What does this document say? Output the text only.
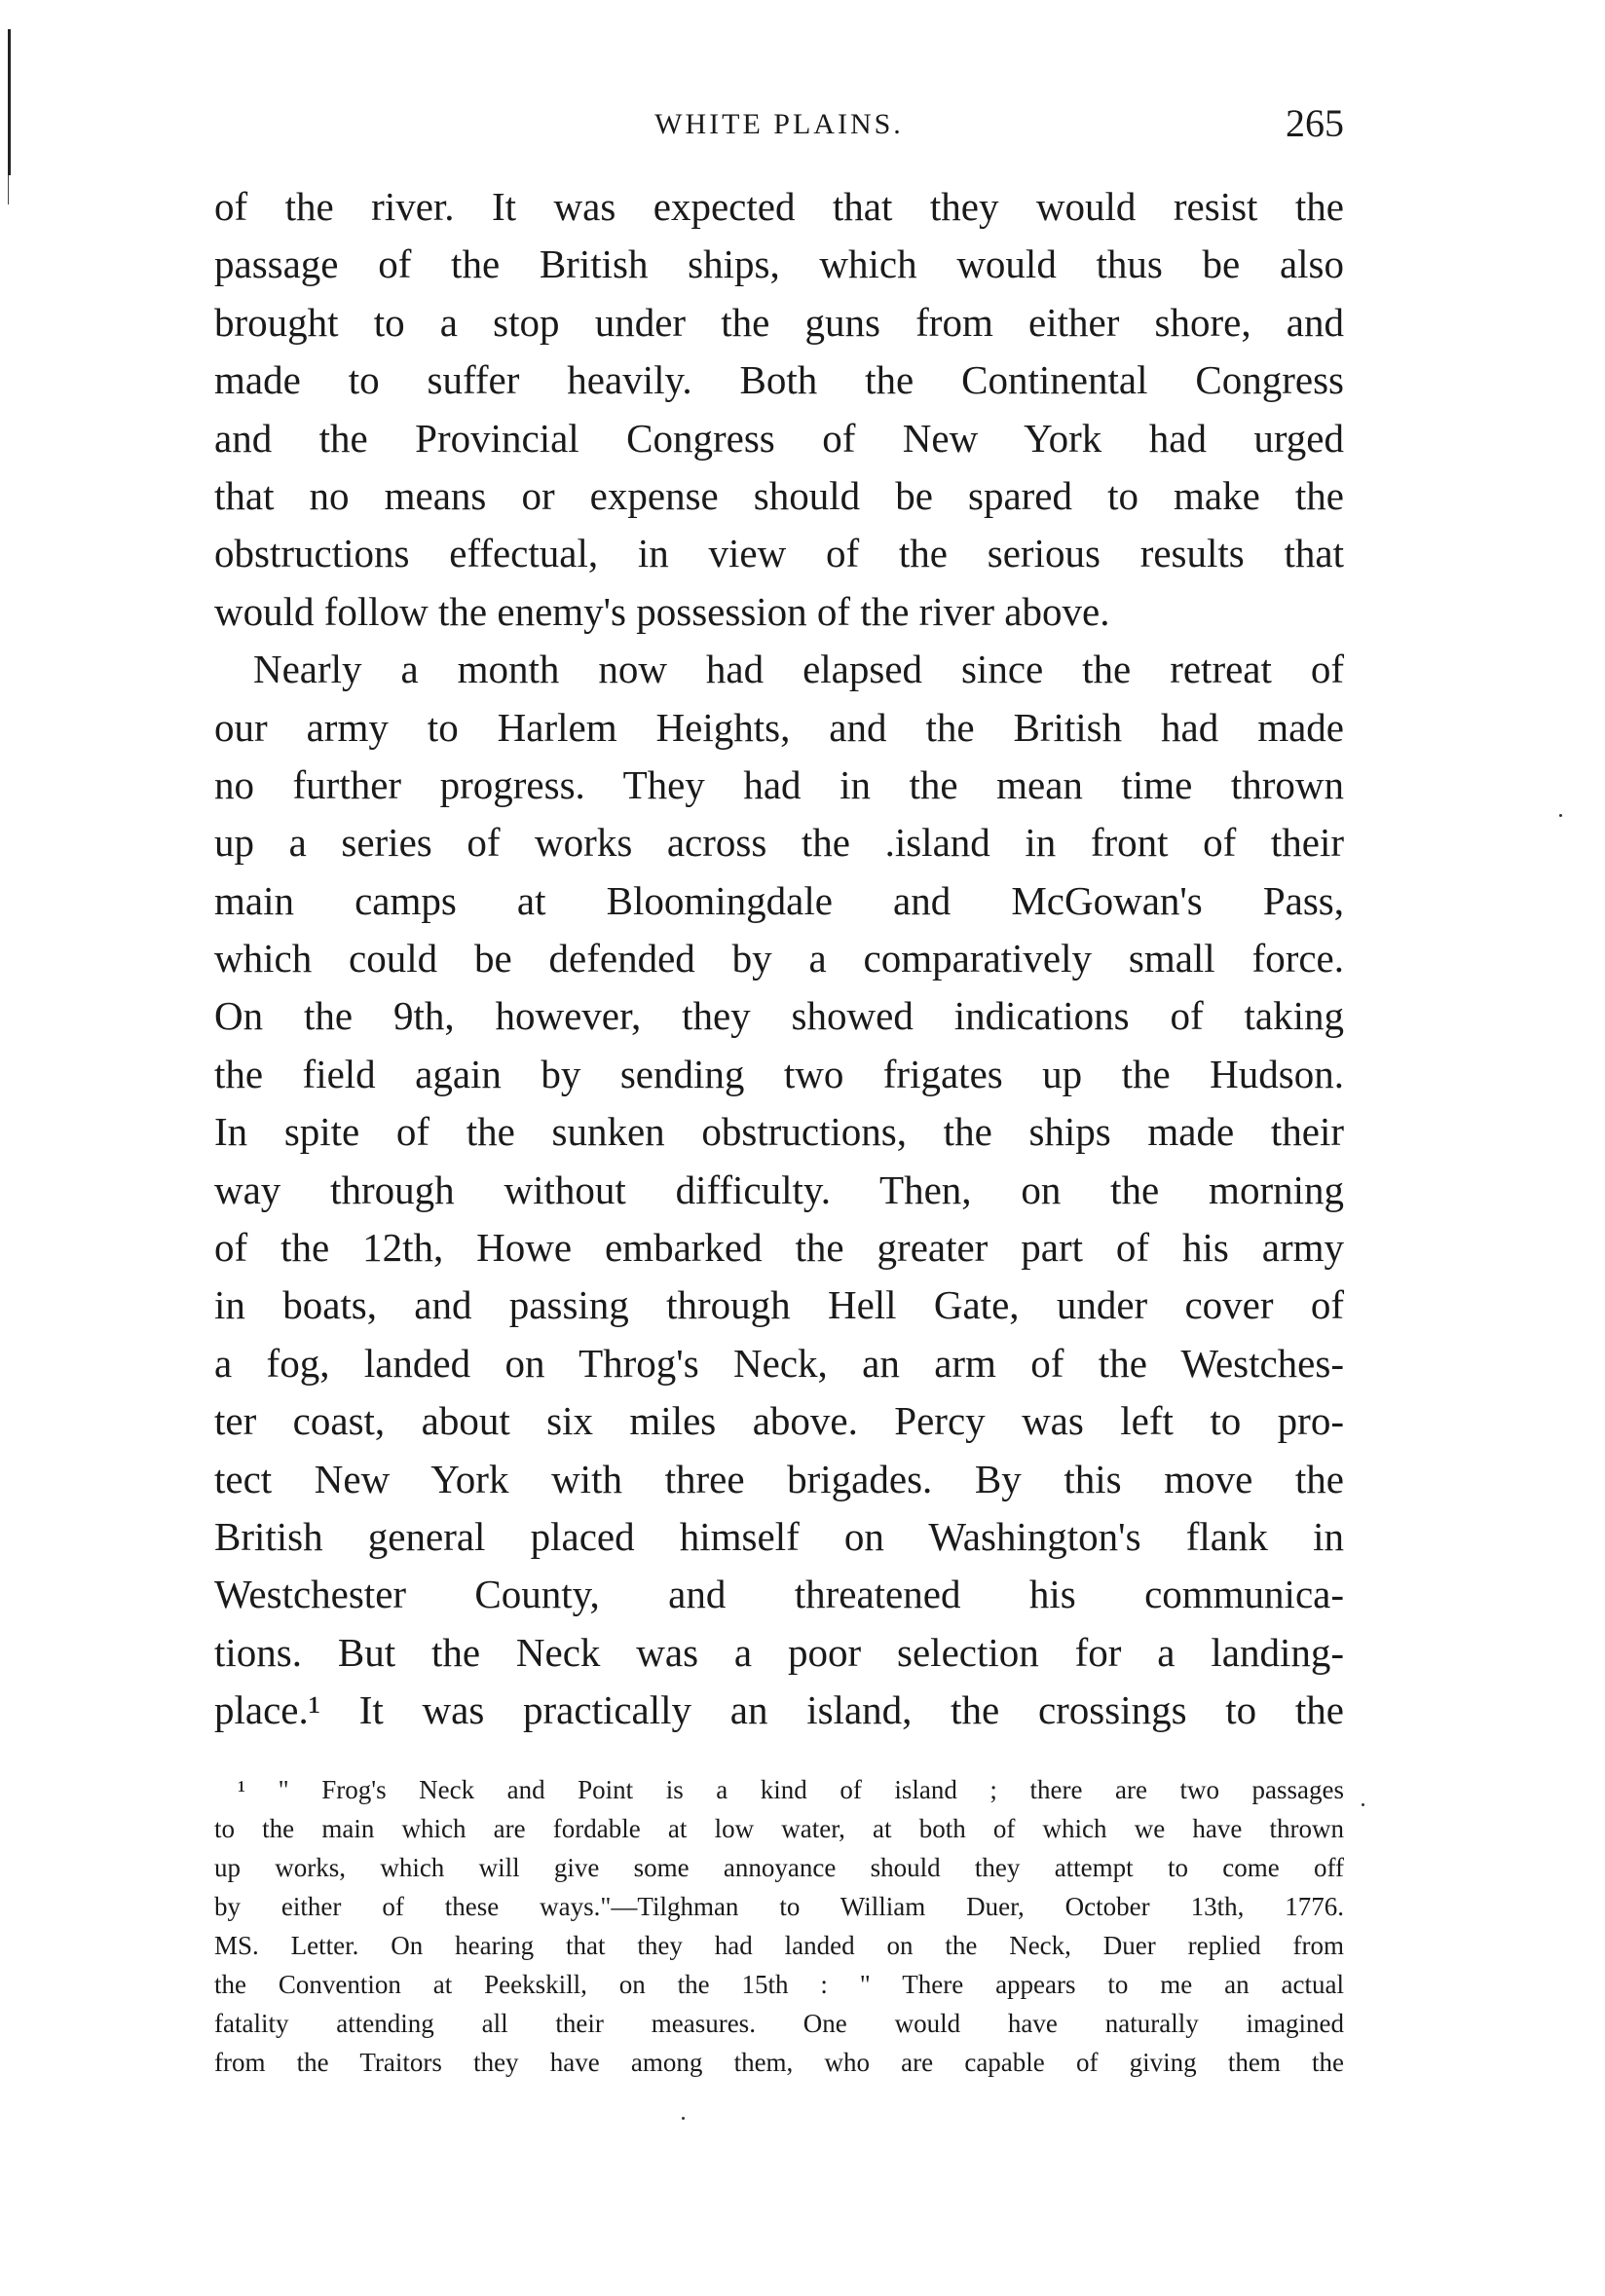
WHITE PLAINS.	265
of the river. It was expected that they would resist the
passage of the British ships, which would thus be also
brought to a stop under the guns from either shore, and
made to suffer heavily. Both the Continental Congress
and the Provincial Congress of New York had urged
that no means or expense should be spared to make the
obstructions effectual, in view of the serious results that
would follow the enemy's possession of the river above.
Nearly a month now had elapsed since the retreat of
our army to Harlem Heights, and the British had made
no further progress. They had in the mean time thrown
up a series of works across the .island in front of their
main camps at Bloomingdale and McGowan's Pass,
which could be defended by a comparatively small force.
On the 9th, however, they showed indications of taking
the field again by sending two frigates up the Hudson.
In spite of the sunken obstructions, the ships made their
way through without difficulty. Then, on the morning
of the 12th, Howe embarked the greater part of his army
in boats, and passing through Hell Gate, under cover of
a fog, landed on Throg's Neck, an arm of the Westches-
ter coast, about six miles above. Percy was left to pro-
tect New York with three brigades. By this move the
British general placed himself on Washington's flank in
Westchester County, and threatened his communica-
tions. But the Neck was a poor selection for a landing-
place.¹ It was practically an island, the crossings to the
¹ " Frog's Neck and Point is a kind of island ; there are two passages
to the main which are fordable at low water, at both of which we have thrown
up works, which will give some annoyance should they attempt to come off
by either of these ways."—Tilghman to William Duer, October 13th, 1776.
MS. Letter. On hearing that they had landed on the Neck, Duer replied from
the Convention at Peekskill, on the 15th : " There appears to me an actual
fatality attending all their measures. One would have naturally imagined
from the Traitors they have among them, who are capable of giving them the
